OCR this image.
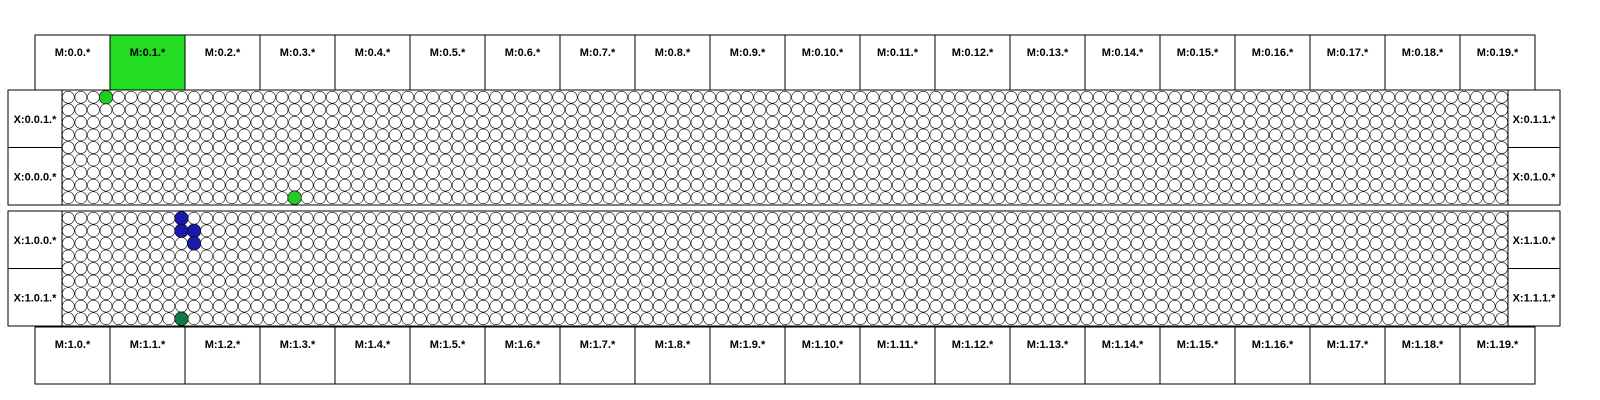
M:0.0.*	M:0.1.*	M:0.2.*	M:0.3.*	M:0.4.*	M:0.5.*	M:0.6.*	M:0.7.*	M:0.8.*	M:0.9.*	M:0.10.*	M:0.11.*	M:0.12.*	M:0.13.*	M:0.14.*	M:0.15.*	M:0.16.*	M:0.17.*	M:0.18.*	M:0.19.*
X:0.0.1.*
X:0.0.0.*
X:0.1.1.*
X:0.1.0.*
X:1.0.0.*
X:1.0.1.*
X:1.1.0.*
X:1.1.1.*
M:1.0.*	M:1.1.*	M:1.2.*	M:1.3.*	M:1.4.*	M:1.5.*	M:1.6.*	M:1.7.*	M:1.8.*	M:1.9.*	M:1.10.*	M:1.11.*	M:1.12.*	M:1.13.*	M:1.14.*	M:1.15.*	M:1.16.*	M:1.17.*	M:1.18.*	M:1.19.*
